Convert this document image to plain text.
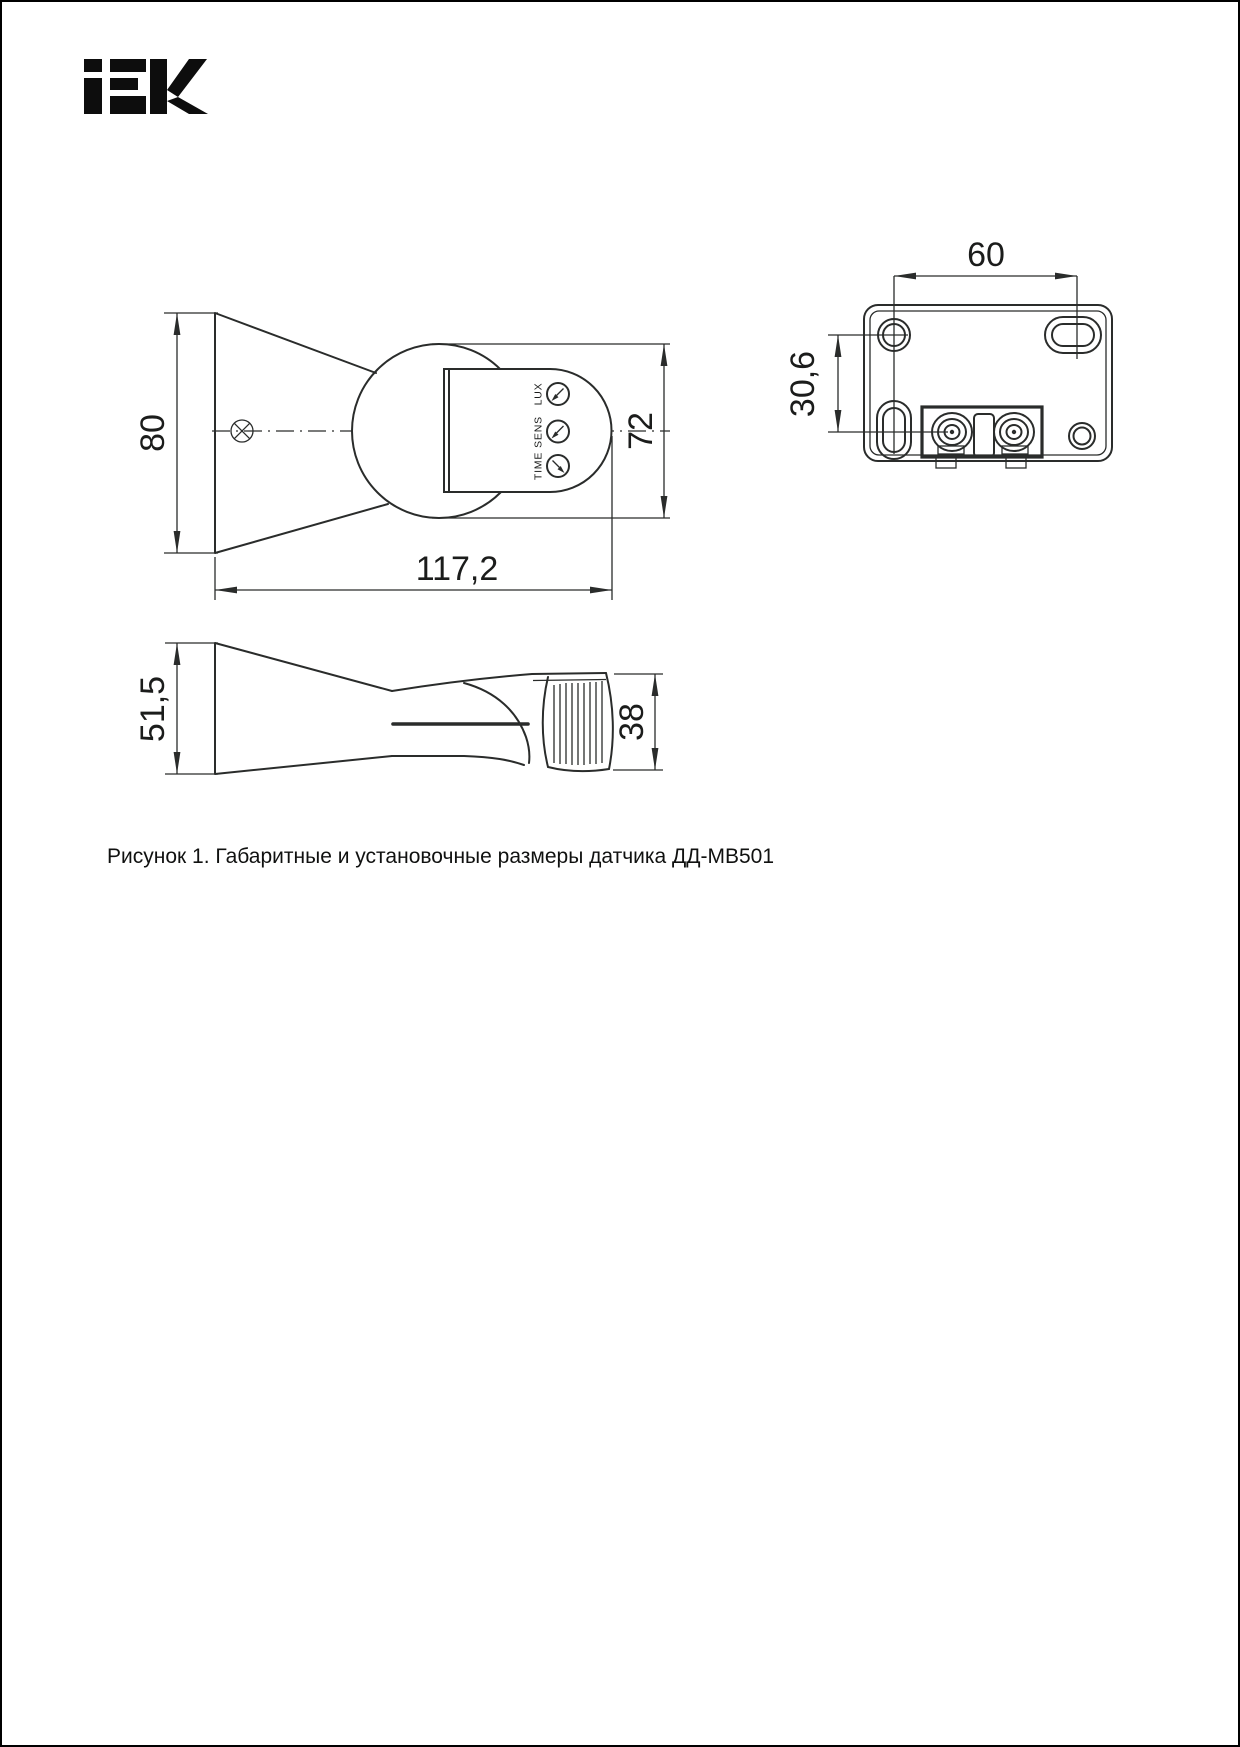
LUX
SENS
TIME
80	72
117,2
51,5	38
60
30,6
Рисунок 1. Габаритные и установочные размеры датчика ДД-МВ501
